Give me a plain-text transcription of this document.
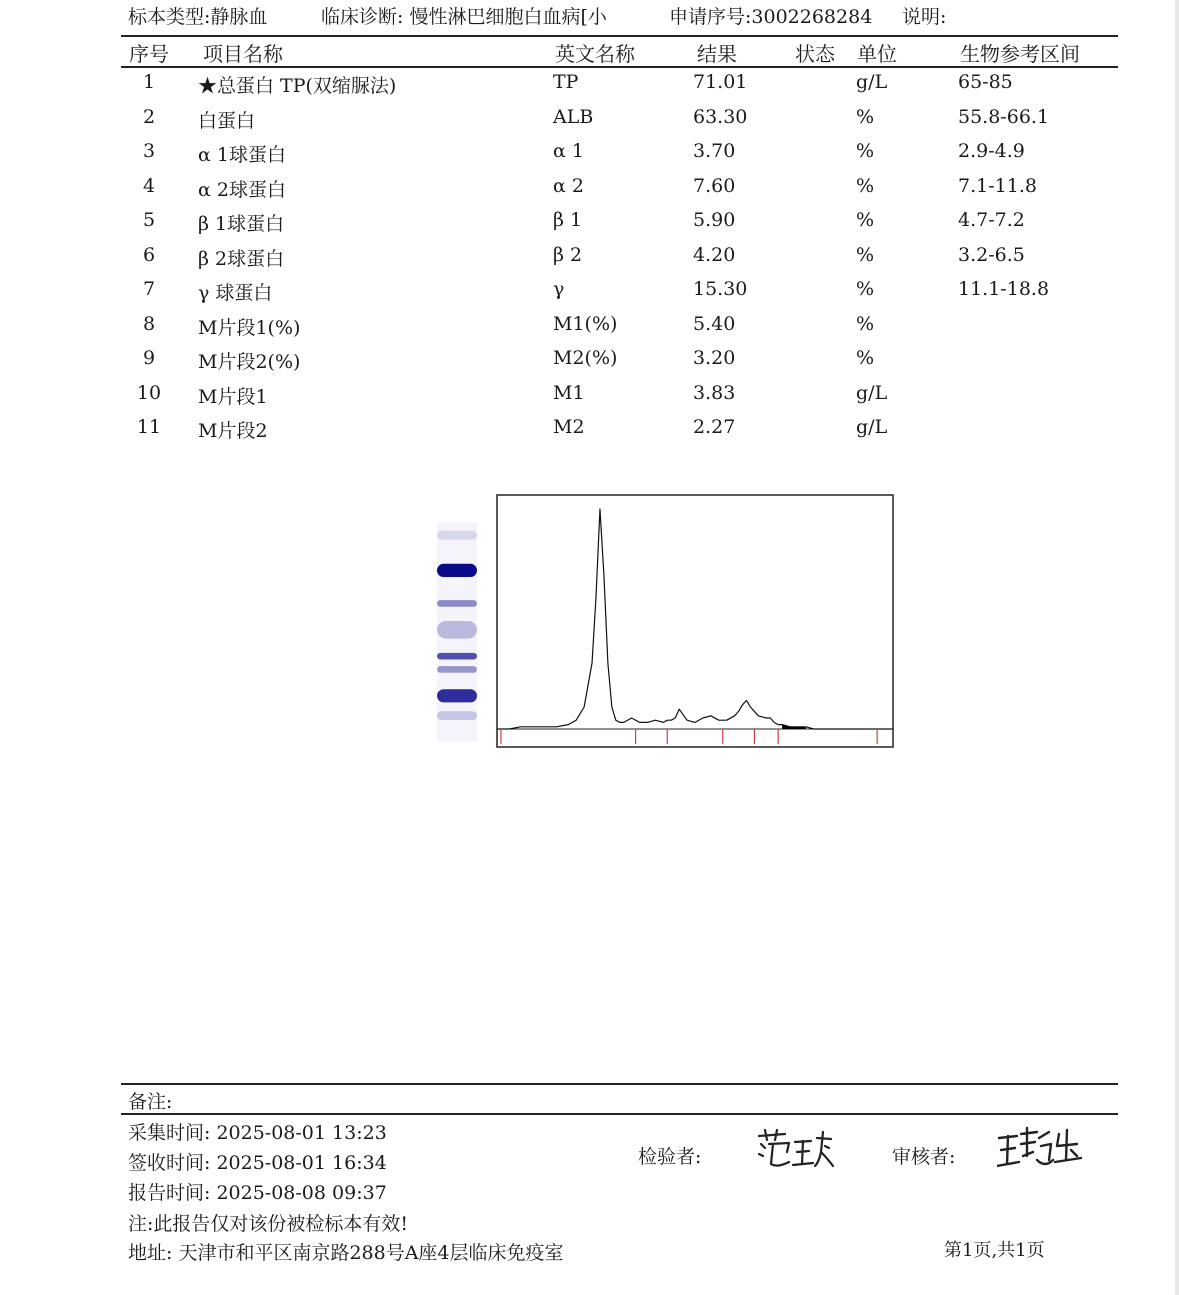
标本类型:静脉血	临床诊断: 慢性淋巴细胞白血病[小	申请序号:3002268284 说明:
序号 项目名称	英文名称	结果	状态 单位	生物参考区间
1 ★总蛋白 TP(双缩脲法)	TP	71.01	g/L	65-85
2 白蛋白	ALB	63.30	%	55.8-66.1
3 α 1球蛋白	α 1	3.70	%	2.9-4.9
4 α 2球蛋白	α 2	7.60	%	7.1-11.8
5 β 1球蛋白	β 1	5.90	%	4.7-7.2
6 β 2球蛋白	β 2	4.20	%	3.2-6.5
7 γ 球蛋白	γ	15.30	%	11.1-18.8
8 M片段1(%)	M1(%)	5.40	%
9 M片段2(%)	M2(%)	3.20	%
10 M片段1	M1	3.83	g/L
11 M片段2	M2	2.27	g/L
备注:
采集时间: 2025-08-01 13:23
签收时间: 2025-08-01 16:34
报告时间: 2025-08-08 09:37
注:此报告仅对该份被检标本有效!
地址: 天津市和平区南京路288号A座4层临床免疫室
检验者:	审核者:
第1页,共1页
